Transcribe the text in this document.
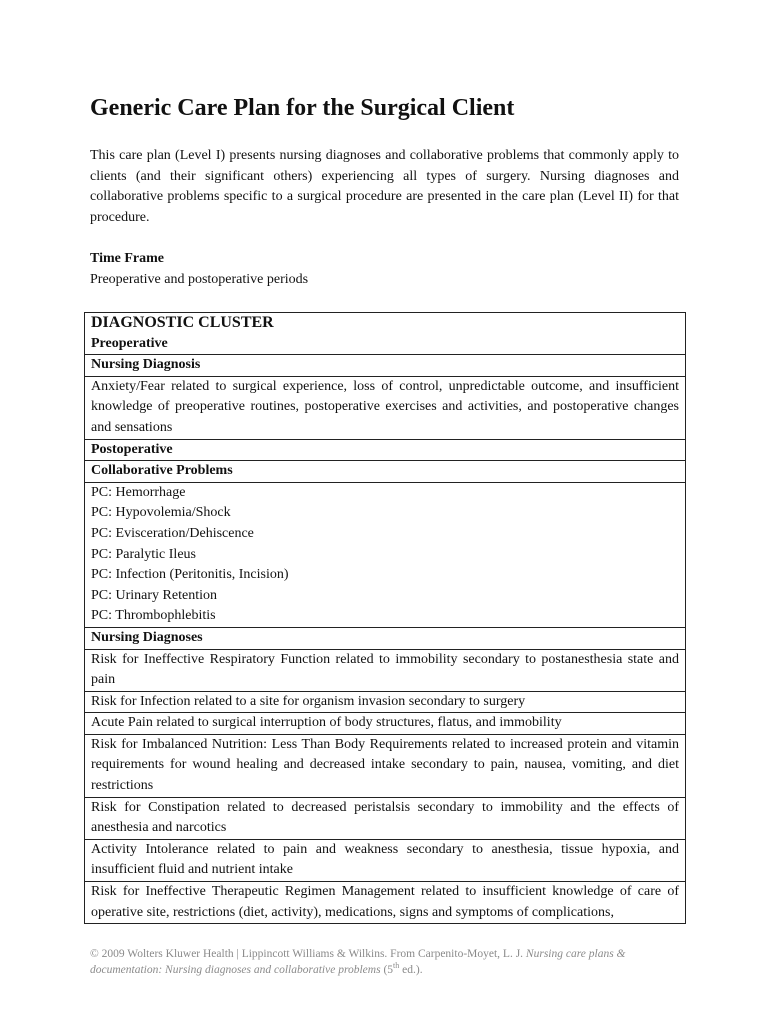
Generic Care Plan for the Surgical Client
This care plan (Level I) presents nursing diagnoses and collaborative problems that commonly apply to clients (and their significant others) experiencing all types of surgery. Nursing diagnoses and collaborative problems specific to a surgical procedure are presented in the care plan (Level II) for that procedure.
Time Frame
Preoperative and postoperative periods
DIAGNOSTIC CLUSTER
Preoperative

Nursing Diagnosis
Anxiety/Fear related to surgical experience, loss of control, unpredictable outcome, and insufficient knowledge of preoperative routines, postoperative exercises and activities, and postoperative changes and sensations
Postoperative
Collaborative Problems

PC: Hemorrhage
PC: Hypovolemia/Shock
PC: Evisceration/Dehiscence
PC: Paralytic Ileus
PC: Infection (Peritonitis, Incision)
PC: Urinary Retention
PC: Thrombophlebitis

Nursing Diagnoses
Risk for Ineffective Respiratory Function related to immobility secondary to postanesthesia state and pain
Risk for Infection related to a site for organism invasion secondary to surgery
Acute Pain related to surgical interruption of body structures, flatus, and immobility
Risk for Imbalanced Nutrition: Less Than Body Requirements related to increased protein and vitamin requirements for wound healing and decreased intake secondary to pain, nausea, vomiting, and diet restrictions
Risk for Constipation related to decreased peristalsis secondary to immobility and the effects of anesthesia and narcotics
Activity Intolerance related to pain and weakness secondary to anesthesia, tissue hypoxia, and insufficient fluid and nutrient intake
Risk for Ineffective Therapeutic Regimen Management related to insufficient knowledge of care of operative site, restrictions (diet, activity), medications, signs and symptoms of complications,
© 2009 Wolters Kluwer Health | Lippincott Williams & Wilkins. From Carpenito-Moyet, L. J. Nursing care plans & documentation: Nursing diagnoses and collaborative problems (5th ed.).
